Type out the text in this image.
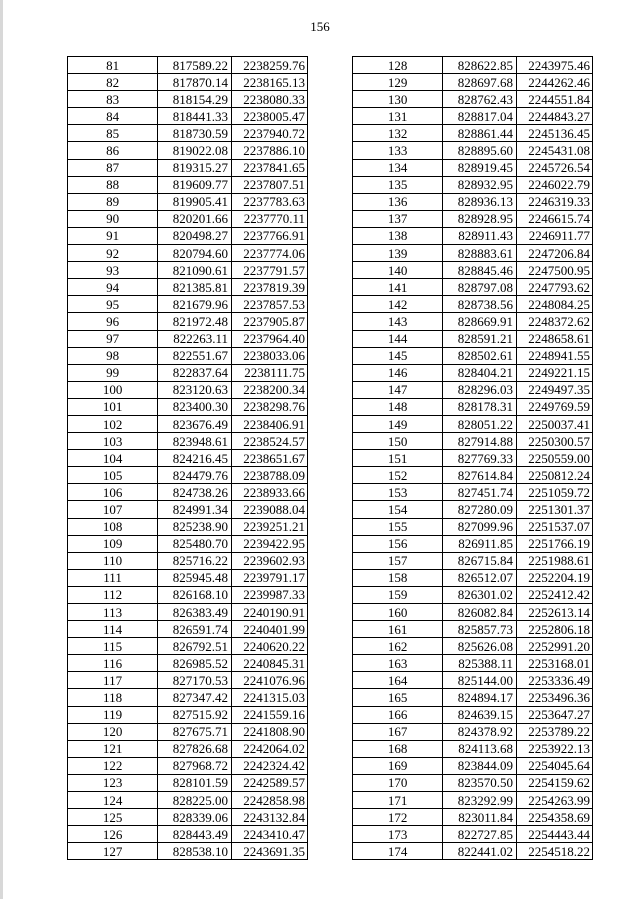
156
81	817589.22	2238259.76
82	817870.14	2238165.13
83	818154.29	2238080.33
84	818441.33	2238005.47
85	818730.59	2237940.72
86	819022.08	2237886.10
87	819315.27	2237841.65
88	819609.77	2237807.51
89	819905.41	2237783.63
90	820201.66	2237770.11
91	820498.27	2237766.91
92	820794.60	2237774.06
93	821090.61	2237791.57
94	821385.81	2237819.39
95	821679.96	2237857.53
96	821972.48	2237905.87
97	822263.11	2237964.40
98	822551.67	2238033.06
99	822837.64	2238111.75
100	823120.63	2238200.34
101	823400.30	2238298.76
102	823676.49	2238406.91
103	823948.61	2238524.57
104	824216.45	2238651.67
105	824479.76	2238788.09
106	824738.26	2238933.66
107	824991.34	2239088.04
108	825238.90	2239251.21
109	825480.70	2239422.95
110	825716.22	2239602.93
111	825945.48	2239791.17
112	826168.10	2239987.33
113	826383.49	2240190.91
114	826591.74	2240401.99
115	826792.51	2240620.22
116	826985.52	2240845.31
117	827170.53	2241076.96
118	827347.42	2241315.03
119	827515.92	2241559.16
120	827675.71	2241808.90
121	827826.68	2242064.02
122	827968.72	2242324.42
123	828101.59	2242589.57
124	828225.00	2242858.98
125	828339.06	2243132.84
126	828443.49	2243410.47
127	828538.10	2243691.35
128	828622.85	2243975.46
129	828697.68	2244262.46
130	828762.43	2244551.84
131	828817.04	2244843.27
132	828861.44	2245136.45
133	828895.60	2245431.08
134	828919.45	2245726.54
135	828932.95	2246022.79
136	828936.13	2246319.33
137	828928.95	2246615.74
138	828911.43	2246911.77
139	828883.61	2247206.84
140	828845.46	2247500.95
141	828797.08	2247793.62
142	828738.56	2248084.25
143	828669.91	2248372.62
144	828591.21	2248658.61
145	828502.61	2248941.55
146	828404.21	2249221.15
147	828296.03	2249497.35
148	828178.31	2249769.59
149	828051.22	2250037.41
150	827914.88	2250300.57
151	827769.33	2250559.00
152	827614.84	2250812.24
153	827451.74	2251059.72
154	827280.09	2251301.37
155	827099.96	2251537.07
156	826911.85	2251766.19
157	826715.84	2251988.61
158	826512.07	2252204.19
159	826301.02	2252412.42
160	826082.84	2252613.14
161	825857.73	2252806.18
162	825626.08	2252991.20
163	825388.11	2253168.01
164	825144.00	2253336.49
165	824894.17	2253496.36
166	824639.15	2253647.27
167	824378.92	2253789.22
168	824113.68	2253922.13
169	823844.09	2254045.64
170	823570.50	2254159.62
171	823292.99	2254263.99
172	823011.84	2254358.69
173	822727.85	2254443.44
174	822441.02	2254518.22
